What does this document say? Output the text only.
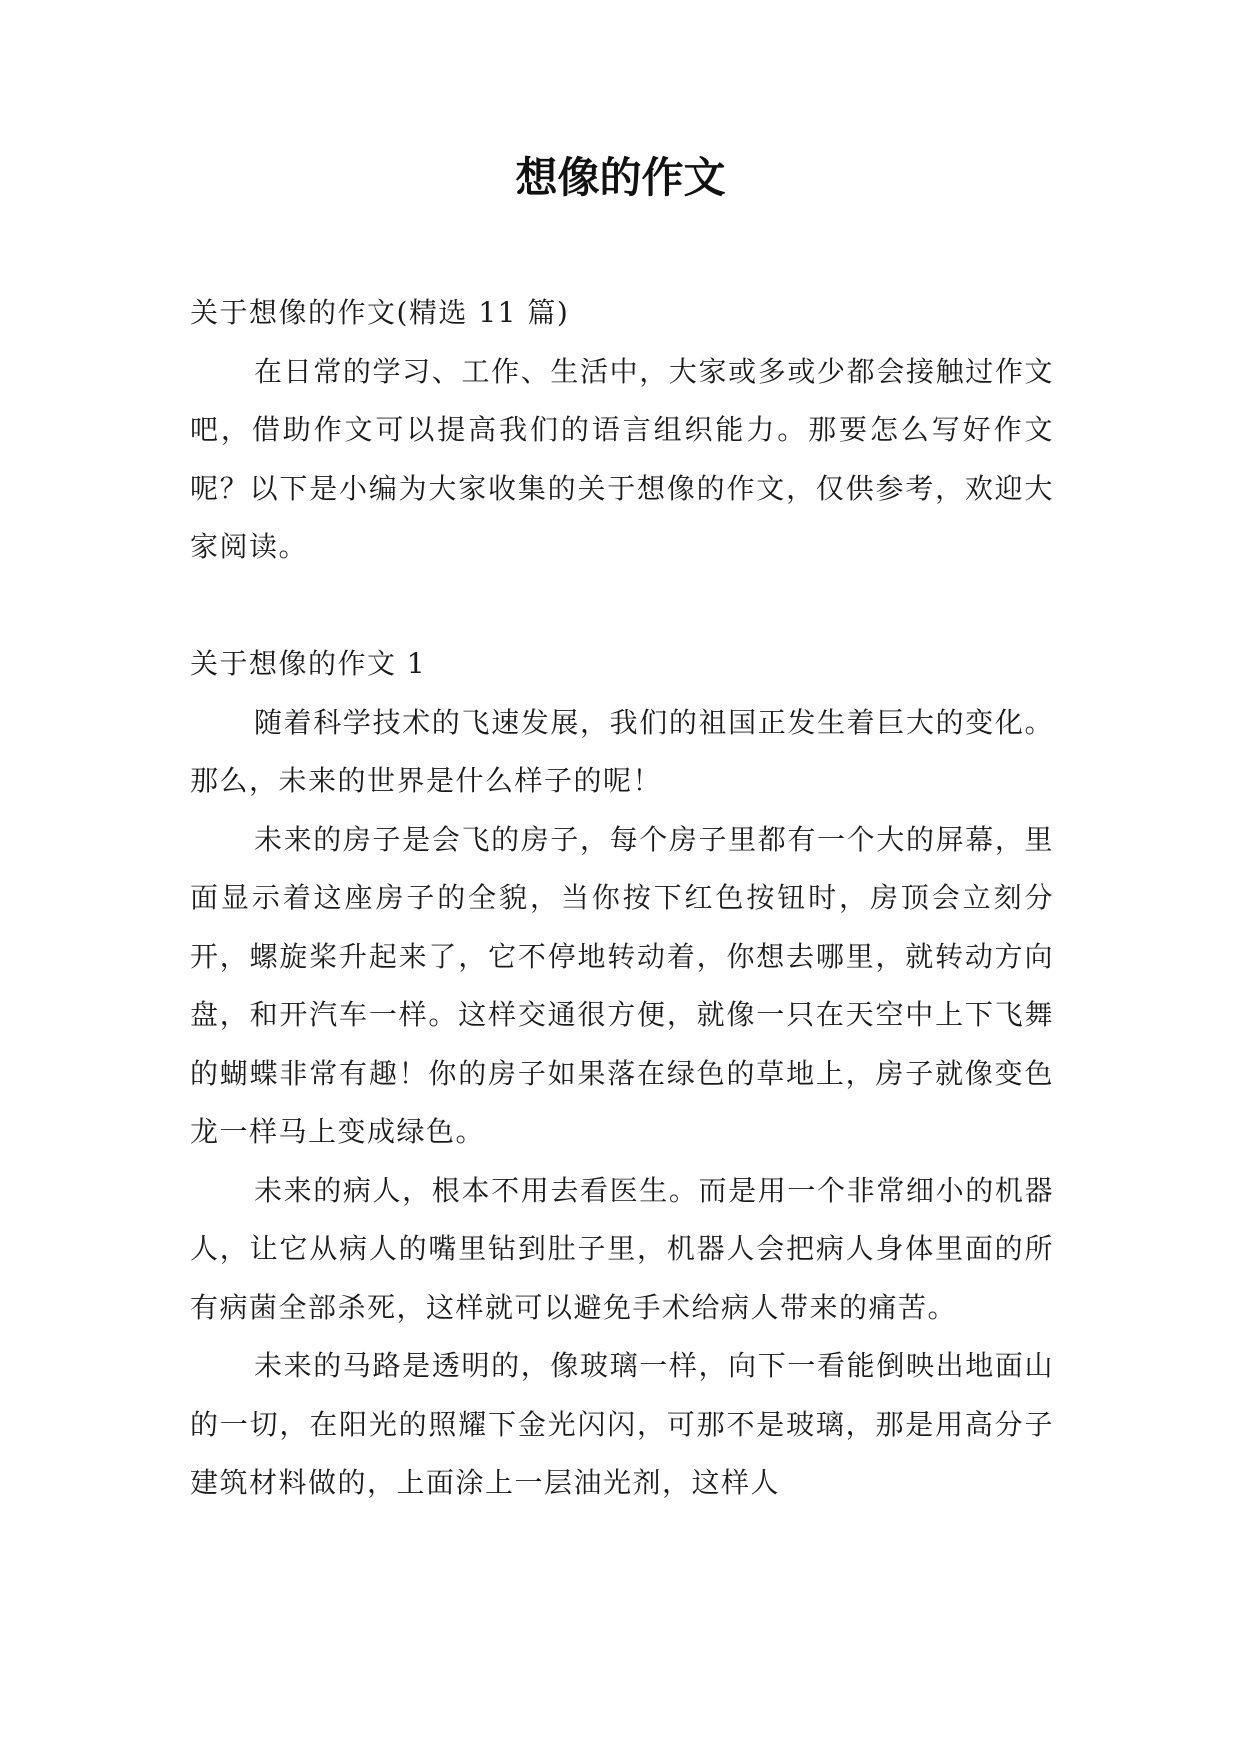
想像的作文

关于想像的作文(精选 11 篇)

在日常的学习、工作、生活中，大家或多或少都会接触过作文吧，借助作文可以提高我们的语言组织能力。那要怎么写好作文呢？以下是小编为大家收集的关于想像的作文，仅供参考，欢迎大家阅读。

关于想像的作文 1

随着科学技术的飞速发展，我们的祖国正发生着巨大的变化。那么，未来的世界是什么样子的呢！

未来的房子是会飞的房子，每个房子里都有一个大的屏幕，里面显示着这座房子的全貌，当你按下红色按钮时，房顶会立刻分开，螺旋桨升起来了，它不停地转动着，你想去哪里，就转动方向盘，和开汽车一样。这样交通很方便，就像一只在天空中上下飞舞的蝴蝶非常有趣！你的房子如果落在绿色的草地上，房子就像变色龙一样马上变成绿色。

未来的病人，根本不用去看医生。而是用一个非常细小的机器人，让它从病人的嘴里钻到肚子里，机器人会把病人身体里面的所有病菌全部杀死，这样就可以避免手术给病人带来的痛苦。

未来的马路是透明的，像玻璃一样，向下一看能倒映出地面山的一切，在阳光的照耀下金光闪闪，可那不是玻璃，那是用高分子建筑材料做的，上面涂上一层油光剂，这样人
